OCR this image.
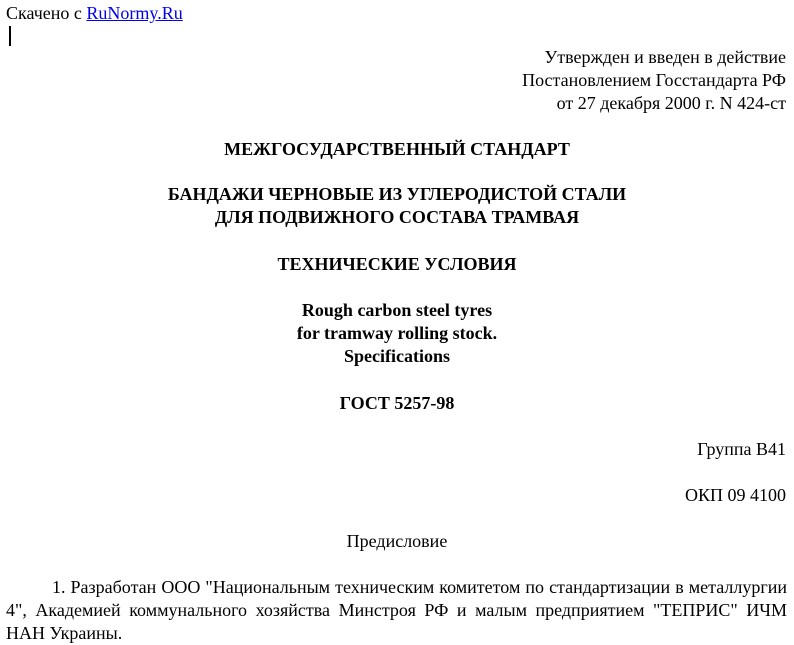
Скачено с RuNormy.Ru
Утвержден и введен в действие
Постановлением Госстандарта РФ
от 27 декабря 2000 г. N 424-ст
МЕЖГОСУДАРСТВЕННЫЙ СТАНДАРТ
БАНДАЖИ ЧЕРНОВЫЕ ИЗ УГЛЕРОДИСТОЙ СТАЛИ
ДЛЯ ПОДВИЖНОГО СОСТАВА ТРАМВАЯ
ТЕХНИЧЕСКИЕ УСЛОВИЯ
Rough carbon steel tyres
for tramway rolling stock.
Specifications
ГОСТ 5257-98
Группа В41
ОКП 09 4100
Предисловие
1. Разработан ООО "Национальным техническим комитетом по стандартизации в металлургии 4", Академией коммунального хозяйства Минстроя РФ и малым предприятием "ТЕПРИС" ИЧМ НАН Украины.
